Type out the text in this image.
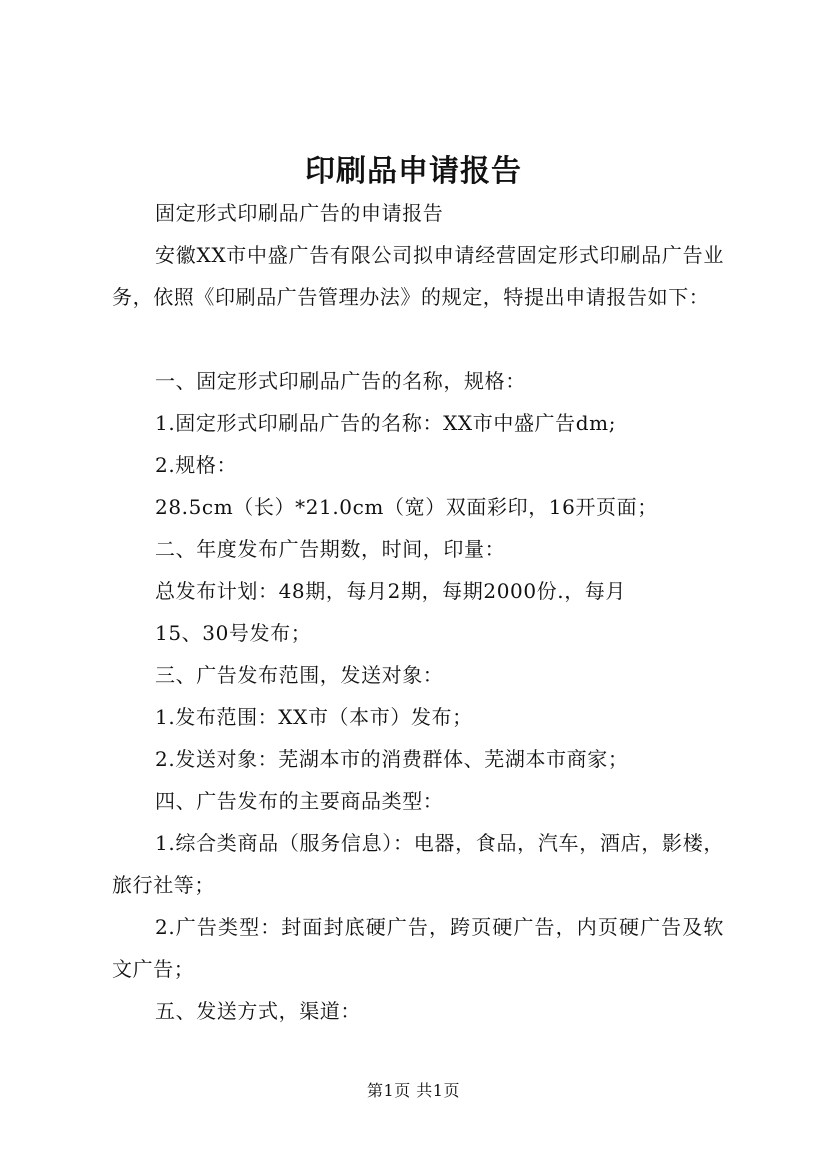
印刷品申请报告
固定形式印刷品广告的申请报告
安徽XX市中盛广告有限公司拟申请经营固定形式印刷品广告业务，依照《印刷品广告管理办法》的规定，特提出申请报告如下：
一、固定形式印刷品广告的名称，规格：
1.固定形式印刷品广告的名称：XX市中盛广告dm;
2.规格：
28.5cm（长）*21.0cm（宽）双面彩印，16开页面；
二、年度发布广告期数，时间，印量：
总发布计划：48期，每月2期，每期2000份.，每月
15、30号发布；
三、广告发布范围，发送对象：
1.发布范围：XX市（本市）发布；
2.发送对象：芜湖本市的消费群体、芜湖本市商家；
四、广告发布的主要商品类型：
1.综合类商品（服务信息）：电器，食品，汽车，酒店，影楼，旅行社等；
2.广告类型：封面封底硬广告，跨页硬广告，内页硬广告及软文广告；
五、发送方式，渠道：
第1页 共1页
